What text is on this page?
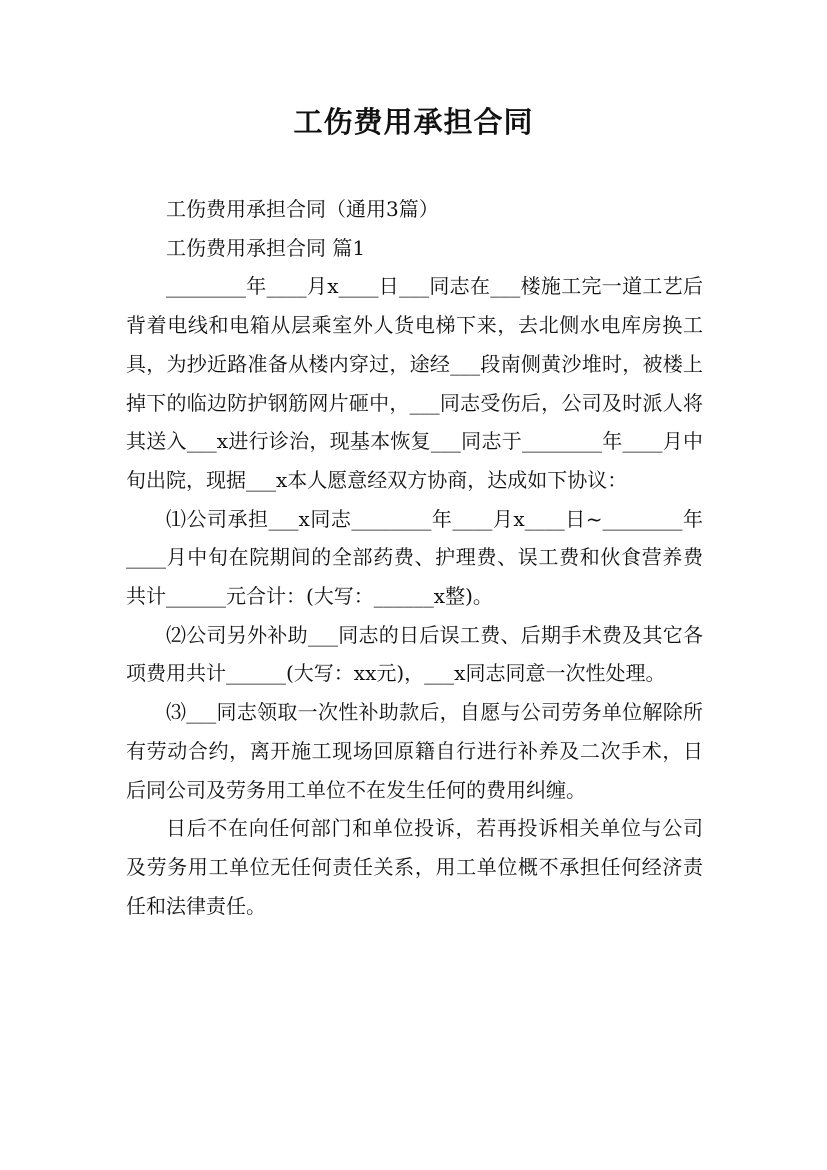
工伤费用承担合同

工伤费用承担合同（通用3篇）

工伤费用承担合同 篇1

________年____月x____日___同志在___楼施工完一道工艺后背着电线和电箱从层乘室外人货电梯下来，去北侧水电库房换工具，为抄近路准备从楼内穿过，途经___段南侧黄沙堆时，被楼上掉下的临边防护钢筋网片砸中，___同志受伤后，公司及时派人将其送入___x进行诊治，现基本恢复___同志于________年____月中旬出院，现据___x本人愿意经双方协商，达成如下协议：

⑴公司承担___x同志________年____月x____日~________年____月中旬在院期间的全部药费、护理费、误工费和伙食营养费共计______元合计：(大写：______x整)。

⑵公司另外补助___同志的日后误工费、后期手术费及其它各项费用共计______(大写：xx元)，___x同志同意一次性处理。

⑶___同志领取一次性补助款后，自愿与公司劳务单位解除所有劳动合约，离开施工现场回原籍自行进行补养及二次手术，日后同公司及劳务用工单位不在发生任何的费用纠缠。

日后不在向任何部门和单位投诉，若再投诉相关单位与公司及劳务用工单位无任何责任关系，用工单位概不承担任何经济责任和法律责任。
